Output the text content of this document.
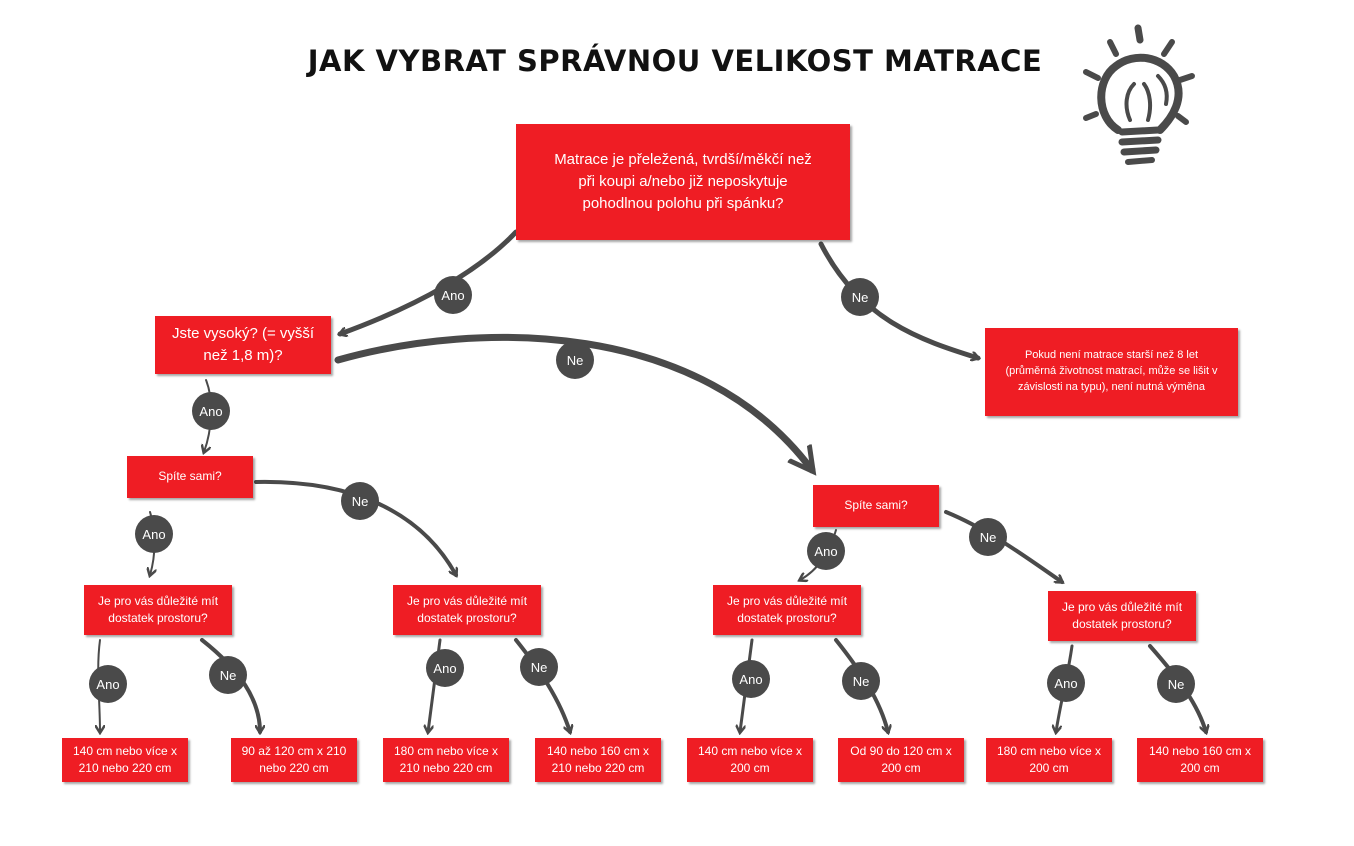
JAK VYBRAT SPRÁVNOU VELIKOST MATRACE
Matrace je přeležená, tvrdší/měkčí než při koupi a/nebo již neposkytuje pohodlnou polohu při spánku?
Pokud není matrace starší než 8 let (průměrná životnost matrací, může se lišit v závislosti na typu), není nutná výměna
Jste vysoký? (= vyšší než 1,8 m)?
Spíte sami?
Spíte sami?
Je pro vás důležité mít dostatek prostoru?
Je pro vás důležité mít dostatek prostoru?
Je pro vás důležité mít dostatek prostoru?
Je pro vás důležité mít dostatek prostoru?
140 cm nebo více x 210 nebo 220 cm
90 až 120 cm x 210 nebo 220 cm
180 cm nebo více x 210 nebo 220 cm
140 nebo 160 cm x 210 nebo 220 cm
140 cm nebo více x 200 cm
Od 90 do 120 cm x 200 cm
180 cm nebo více x 200 cm
140 nebo 160 cm x 200 cm
Ano	Ne
Ne
Ano
Ano
Ne
Ano
Ne
Ano
Ne	Ano	Ne
Ano	Ne	Ano	Ne
